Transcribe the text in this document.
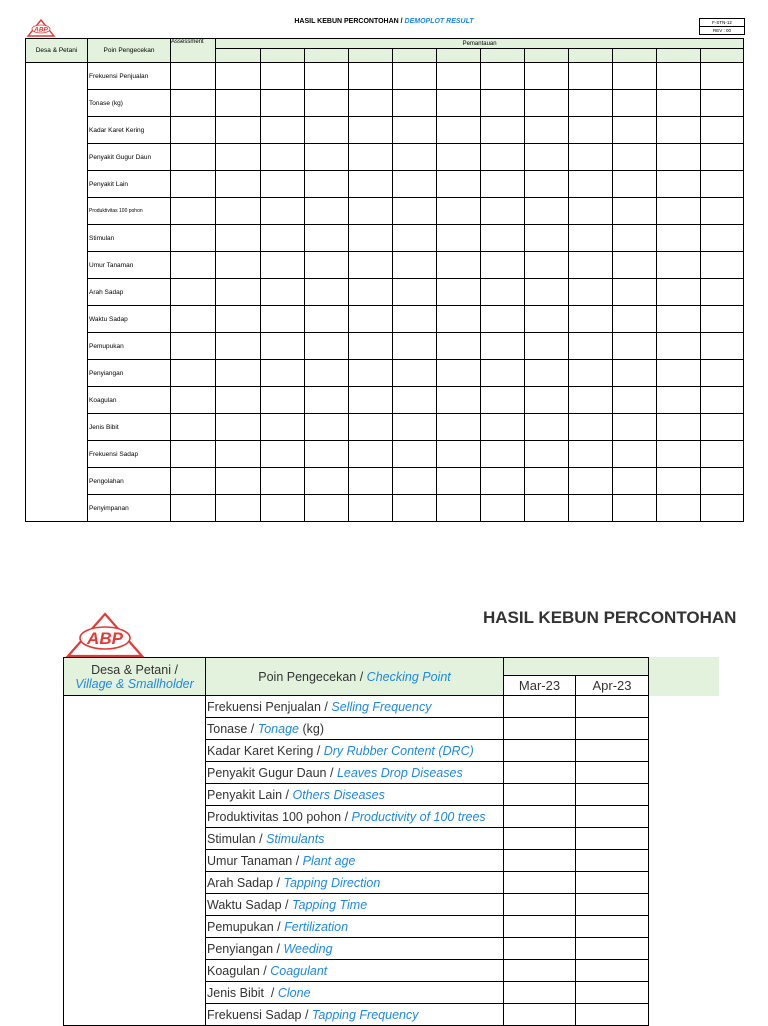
ABP
HASIL KEBUN PERCONTOHAN / DEMOPLOT RESULT	F-STN-12
REV : 00
Desa & Petani	Poin Pengecekan	Assessment	Pemantauan											

	Frekuensi Penjualan													
	Tonase (kg)													
	Kadar Karet Kering													
	Penyakit Gugur Daun													
	Penyakit Lain													
	Produktivitas 100 pohon													
	Stimulan													
	Umur Tanaman													
	Arah Sadap													
	Waktu Sadap													
	Pemupukan													
	Penyiangan													
	Koagulan													
	Jenis Bibit													
	Frekuensi Sadap													
	Pengolahan													
	Penyimpanan													
ABP
HASIL KEBUN PERCONTOHAN
Desa & Petani /
Village & Smallholder	Poin Pengecekan / Checking Point		
		Mar-23	Apr-23
	Frekuensi Penjualan / Selling Frequency		
	Tonase / Tonage (kg)		
	Kadar Karet Kering / Dry Rubber Content (DRC)		
	Penyakit Gugur Daun / Leaves Drop Diseases		
	Penyakit Lain / Others Diseases		
	Produktivitas 100 pohon / Productivity of 100 trees		
	Stimulan / Stimulants		
	Umur Tanaman / Plant age		
	Arah Sadap / Tapping Direction		
	Waktu Sadap / Tapping Time		
	Pemupukan / Fertilization		
	Penyiangan / Weeding		
	Koagulan / Coagulant		
	Jenis Bibit  / Clone		
	Frekuensi Sadap / Tapping Frequency		
